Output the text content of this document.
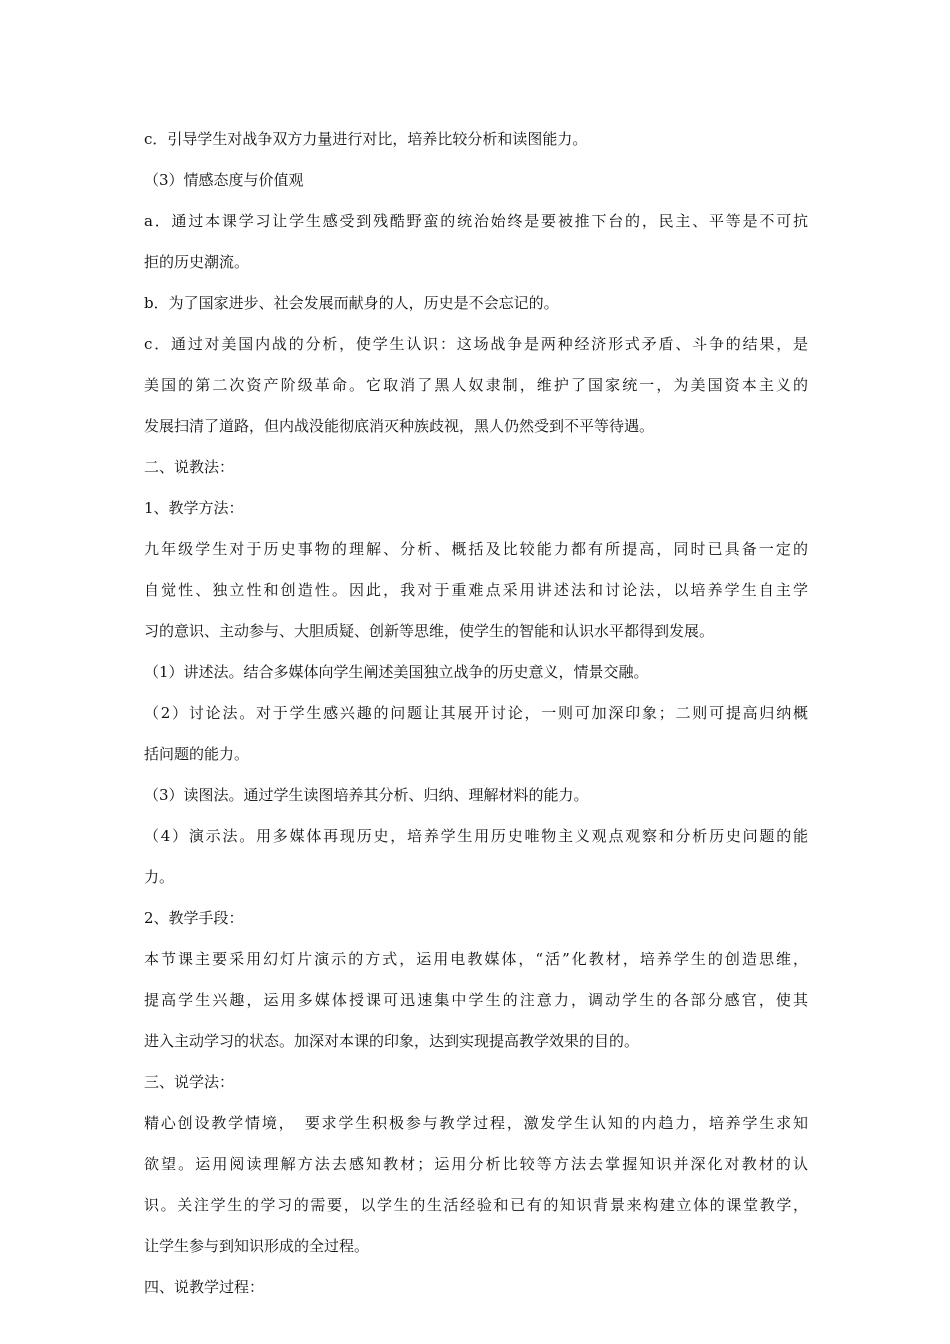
c．引导学生对战争双方力量进行对比，培养比较分析和读图能力。
（3）情感态度与价值观
a．通过本课学习让学生感受到残酷野蛮的统治始终是要被推下台的，民主、平等是不可抗
拒的历史潮流。
b．为了国家进步、社会发展而献身的人，历史是不会忘记的。
c．通过对美国内战的分析，使学生认识：这场战争是两种经济形式矛盾、斗争的结果，是
美国的第二次资产阶级革命。它取消了黑人奴隶制，维护了国家统一，为美国资本主义的
发展扫清了道路，但内战没能彻底消灭种族歧视，黑人仍然受到不平等待遇。
二、说教法：
1、教学方法：
九年级学生对于历史事物的理解、分析、概括及比较能力都有所提高，同时已具备一定的
自觉性、独立性和创造性。因此，我对于重难点采用讲述法和讨论法，以培养学生自主学
习的意识、主动参与、大胆质疑、创新等思维，使学生的智能和认识水平都得到发展。
（1）讲述法。结合多媒体向学生阐述美国独立战争的历史意义，情景交融。
（2）讨论法。对于学生感兴趣的问题让其展开讨论，一则可加深印象；二则可提高归纳概
括问题的能力。
（3）读图法。通过学生读图培养其分析、归纳、理解材料的能力。
（4）演示法。用多媒体再现历史，培养学生用历史唯物主义观点观察和分析历史问题的能
力。
2、教学手段：
本节课主要采用幻灯片演示的方式，运用电教媒体，“活”化教材，培养学生的创造思维，
提高学生兴趣，运用多媒体授课可迅速集中学生的注意力，调动学生的各部分感官，使其
进入主动学习的状态。加深对本课的印象，达到实现提高教学效果的目的。
三、说学法：
精心创设教学情境，　要求学生积极参与教学过程，激发学生认知的内趋力，培养学生求知
欲望。运用阅读理解方法去感知教材；运用分析比较等方法去掌握知识并深化对教材的认
识。关注学生的学习的需要，以学生的生活经验和已有的知识背景来构建立体的课堂教学，
让学生参与到知识形成的全过程。
四、说教学过程：
